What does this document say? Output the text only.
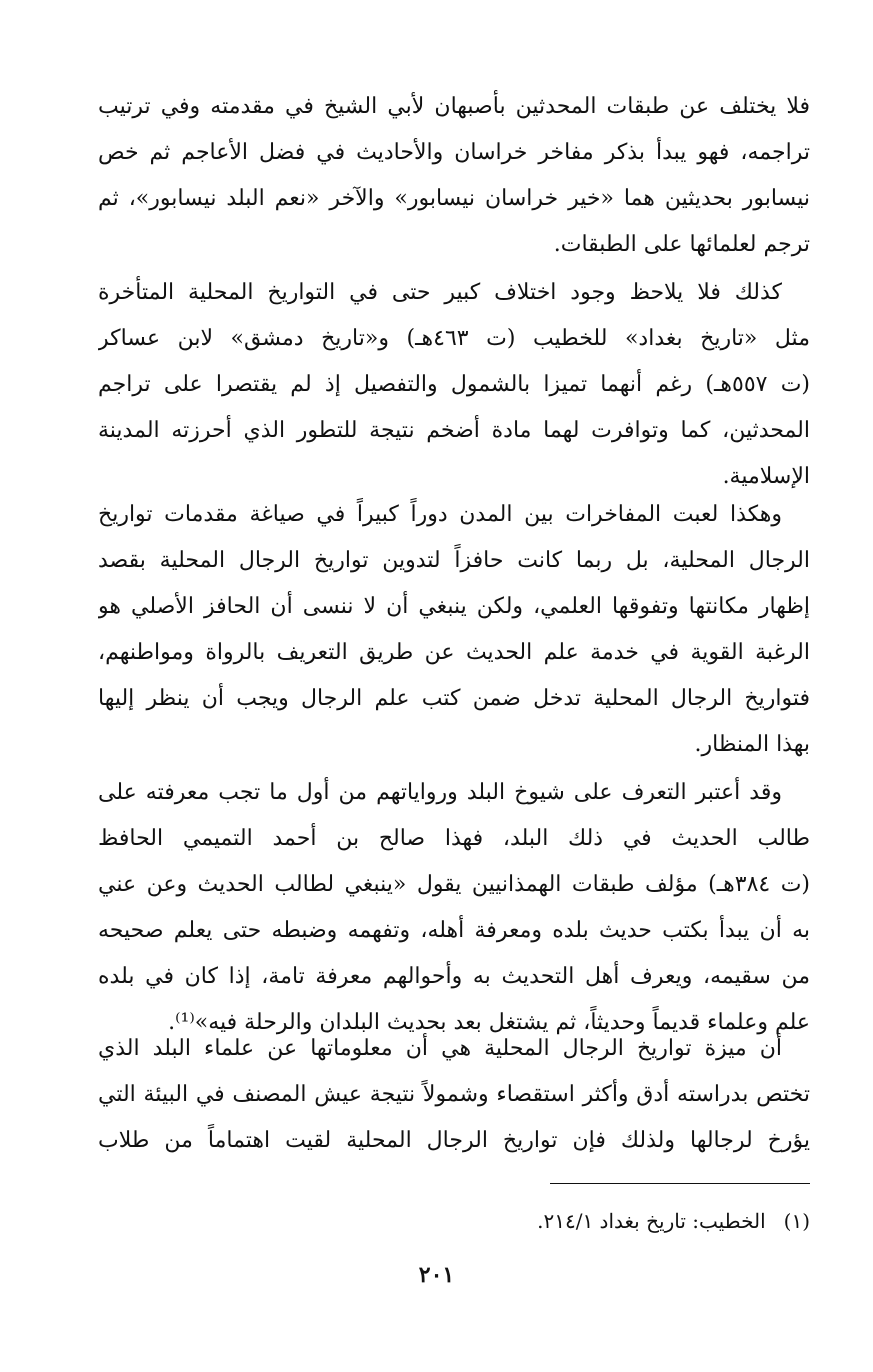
فلا يختلف عن طبقات المحدثين بأصبهان لأبي الشيخ في مقدمته وفي ترتيب
تراجمه، فهو يبدأ بذكر مفاخر خراسان والأحاديث في فضل الأعاجم ثم خص
نيسابور بحديثين هما «خير خراسان نيسابور» والآخر «نعم البلد نيسابور»، ثم
ترجم لعلمائها على الطبقات.
كذلك فلا يلاحظ وجود اختلاف كبير حتى في التواريخ المحلية المتأخرة
مثل «تاريخ بغداد» للخطيب (ت ٤٦٣هـ) و«تاريخ دمشق» لابن عساكر
(ت ٥٥٧هـ) رغم أنهما تميزا بالشمول والتفصيل إذ لم يقتصرا على تراجم
المحدثين، كما وتوافرت لهما مادة أضخم نتيجة للتطور الذي أحرزته المدينة
الإسلامية.
وهكذا لعبت المفاخرات بين المدن دوراً كبيراً في صياغة مقدمات تواريخ
الرجال المحلية، بل ربما كانت حافزاً لتدوين تواريخ الرجال المحلية بقصد
إظهار مكانتها وتفوقها العلمي، ولكن ينبغي أن لا ننسى أن الحافز الأصلي هو
الرغبة القوية في خدمة علم الحديث عن طريق التعريف بالرواة ومواطنهم،
فتواريخ الرجال المحلية تدخل ضمن كتب علم الرجال ويجب أن ينظر إليها
بهذا المنظار.
وقد أعتبر التعرف على شيوخ البلد ورواياتهم من أول ما تجب معرفته على
طالب الحديث في ذلك البلد، فهذا صالح بن أحمد التميمي الحافظ
(ت ٣٨٤هـ) مؤلف طبقات الهمذانيين يقول «ينبغي لطالب الحديث وعن عني
به أن يبدأ بكتب حديث بلده ومعرفة أهله، وتفهمه وضبطه حتى يعلم صحيحه
من سقيمه، ويعرف أهل التحديث به وأحوالهم معرفة تامة، إذا كان في بلده
علم وعلماء قديماً وحديثاً، ثم يشتغل بعد بحديث البلدان والرحلة فيه»⁽¹⁾.
أن ميزة تواريخ الرجال المحلية هي أن معلوماتها عن علماء البلد الذي
تختص بدراسته أدق وأكثر استقصاء وشمولاً نتيجة عيش المصنف في البيئة التي
يؤرخ لرجالها ولذلك فإن تواريخ الرجال المحلية لقيت اهتماماً من طلاب
(١)الخطيب: تاريخ بغداد ٢١٤/١.
٢٠١
